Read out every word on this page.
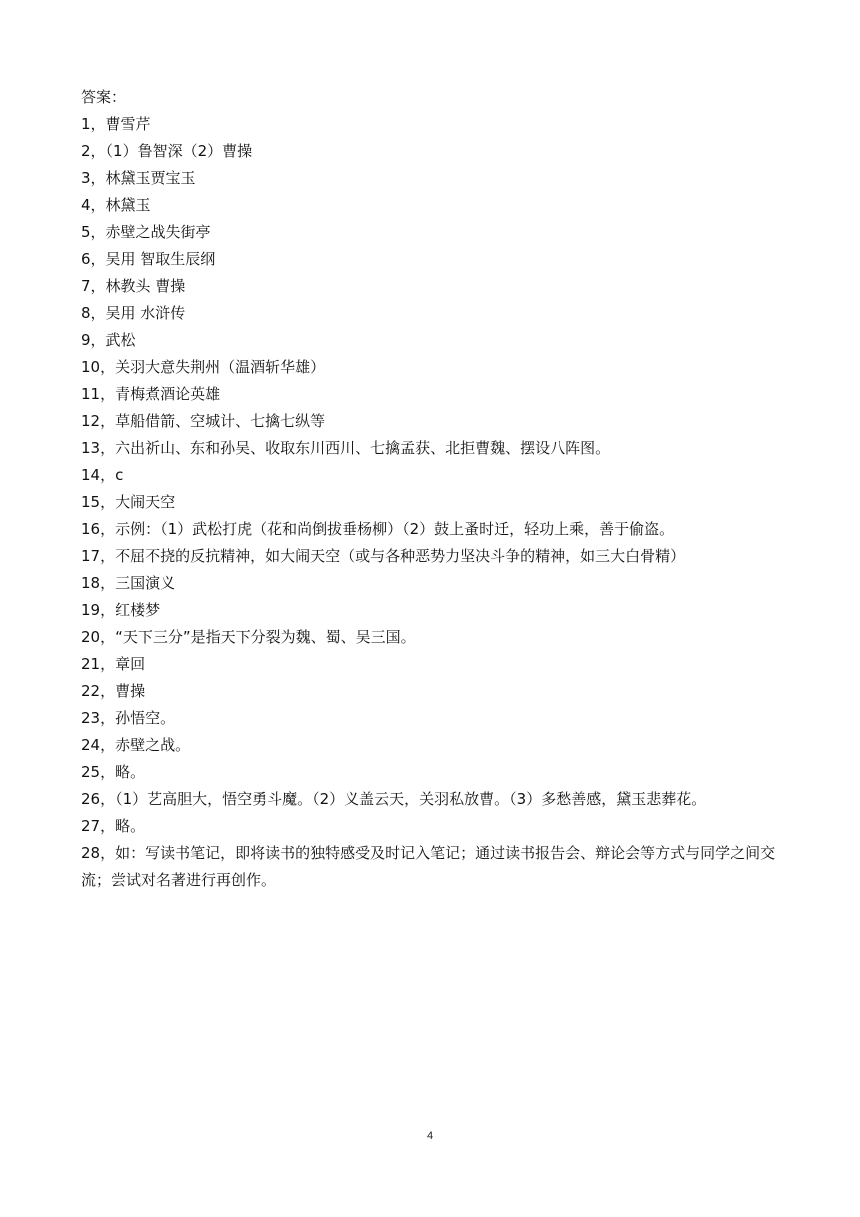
答案：
1，曹雪芹
2，（1）鲁智深（2）曹操
3，林黛玉贾宝玉
4，林黛玉
5，赤壁之战失街亭
6，吴用 智取生辰纲
7，林教头 曹操
8，吴用 水浒传
9，武松
10，关羽大意失荆州（温酒斩华雄）
11，青梅煮酒论英雄
12，草船借箭、空城计、七擒七纵等
13，六出祈山、东和孙吴、收取东川西川、七擒孟获、北拒曹魏、摆设八阵图。
14，c
15，大闹天空
16，示例：（1）武松打虎（花和尚倒拔垂杨柳）（2）鼓上蚤时迁，轻功上乘，善于偷盗。
17，不屈不挠的反抗精神，如大闹天空（或与各种恶势力坚决斗争的精神，如三大白骨精）
18，三国演义
19，红楼梦
20，“天下三分”是指天下分裂为魏、蜀、吴三国。
21，章回
22，曹操
23，孙悟空。
24，赤壁之战。
25，略。
26，（1）艺高胆大，悟空勇斗魔。（2）义盖云天，关羽私放曹。（3）多愁善感，黛玉悲葬花。
27，略。
28，如：写读书笔记，即将读书的独特感受及时记入笔记；通过读书报告会、辩论会等方式与同学之间交流；尝试对名著进行再创作。
4
